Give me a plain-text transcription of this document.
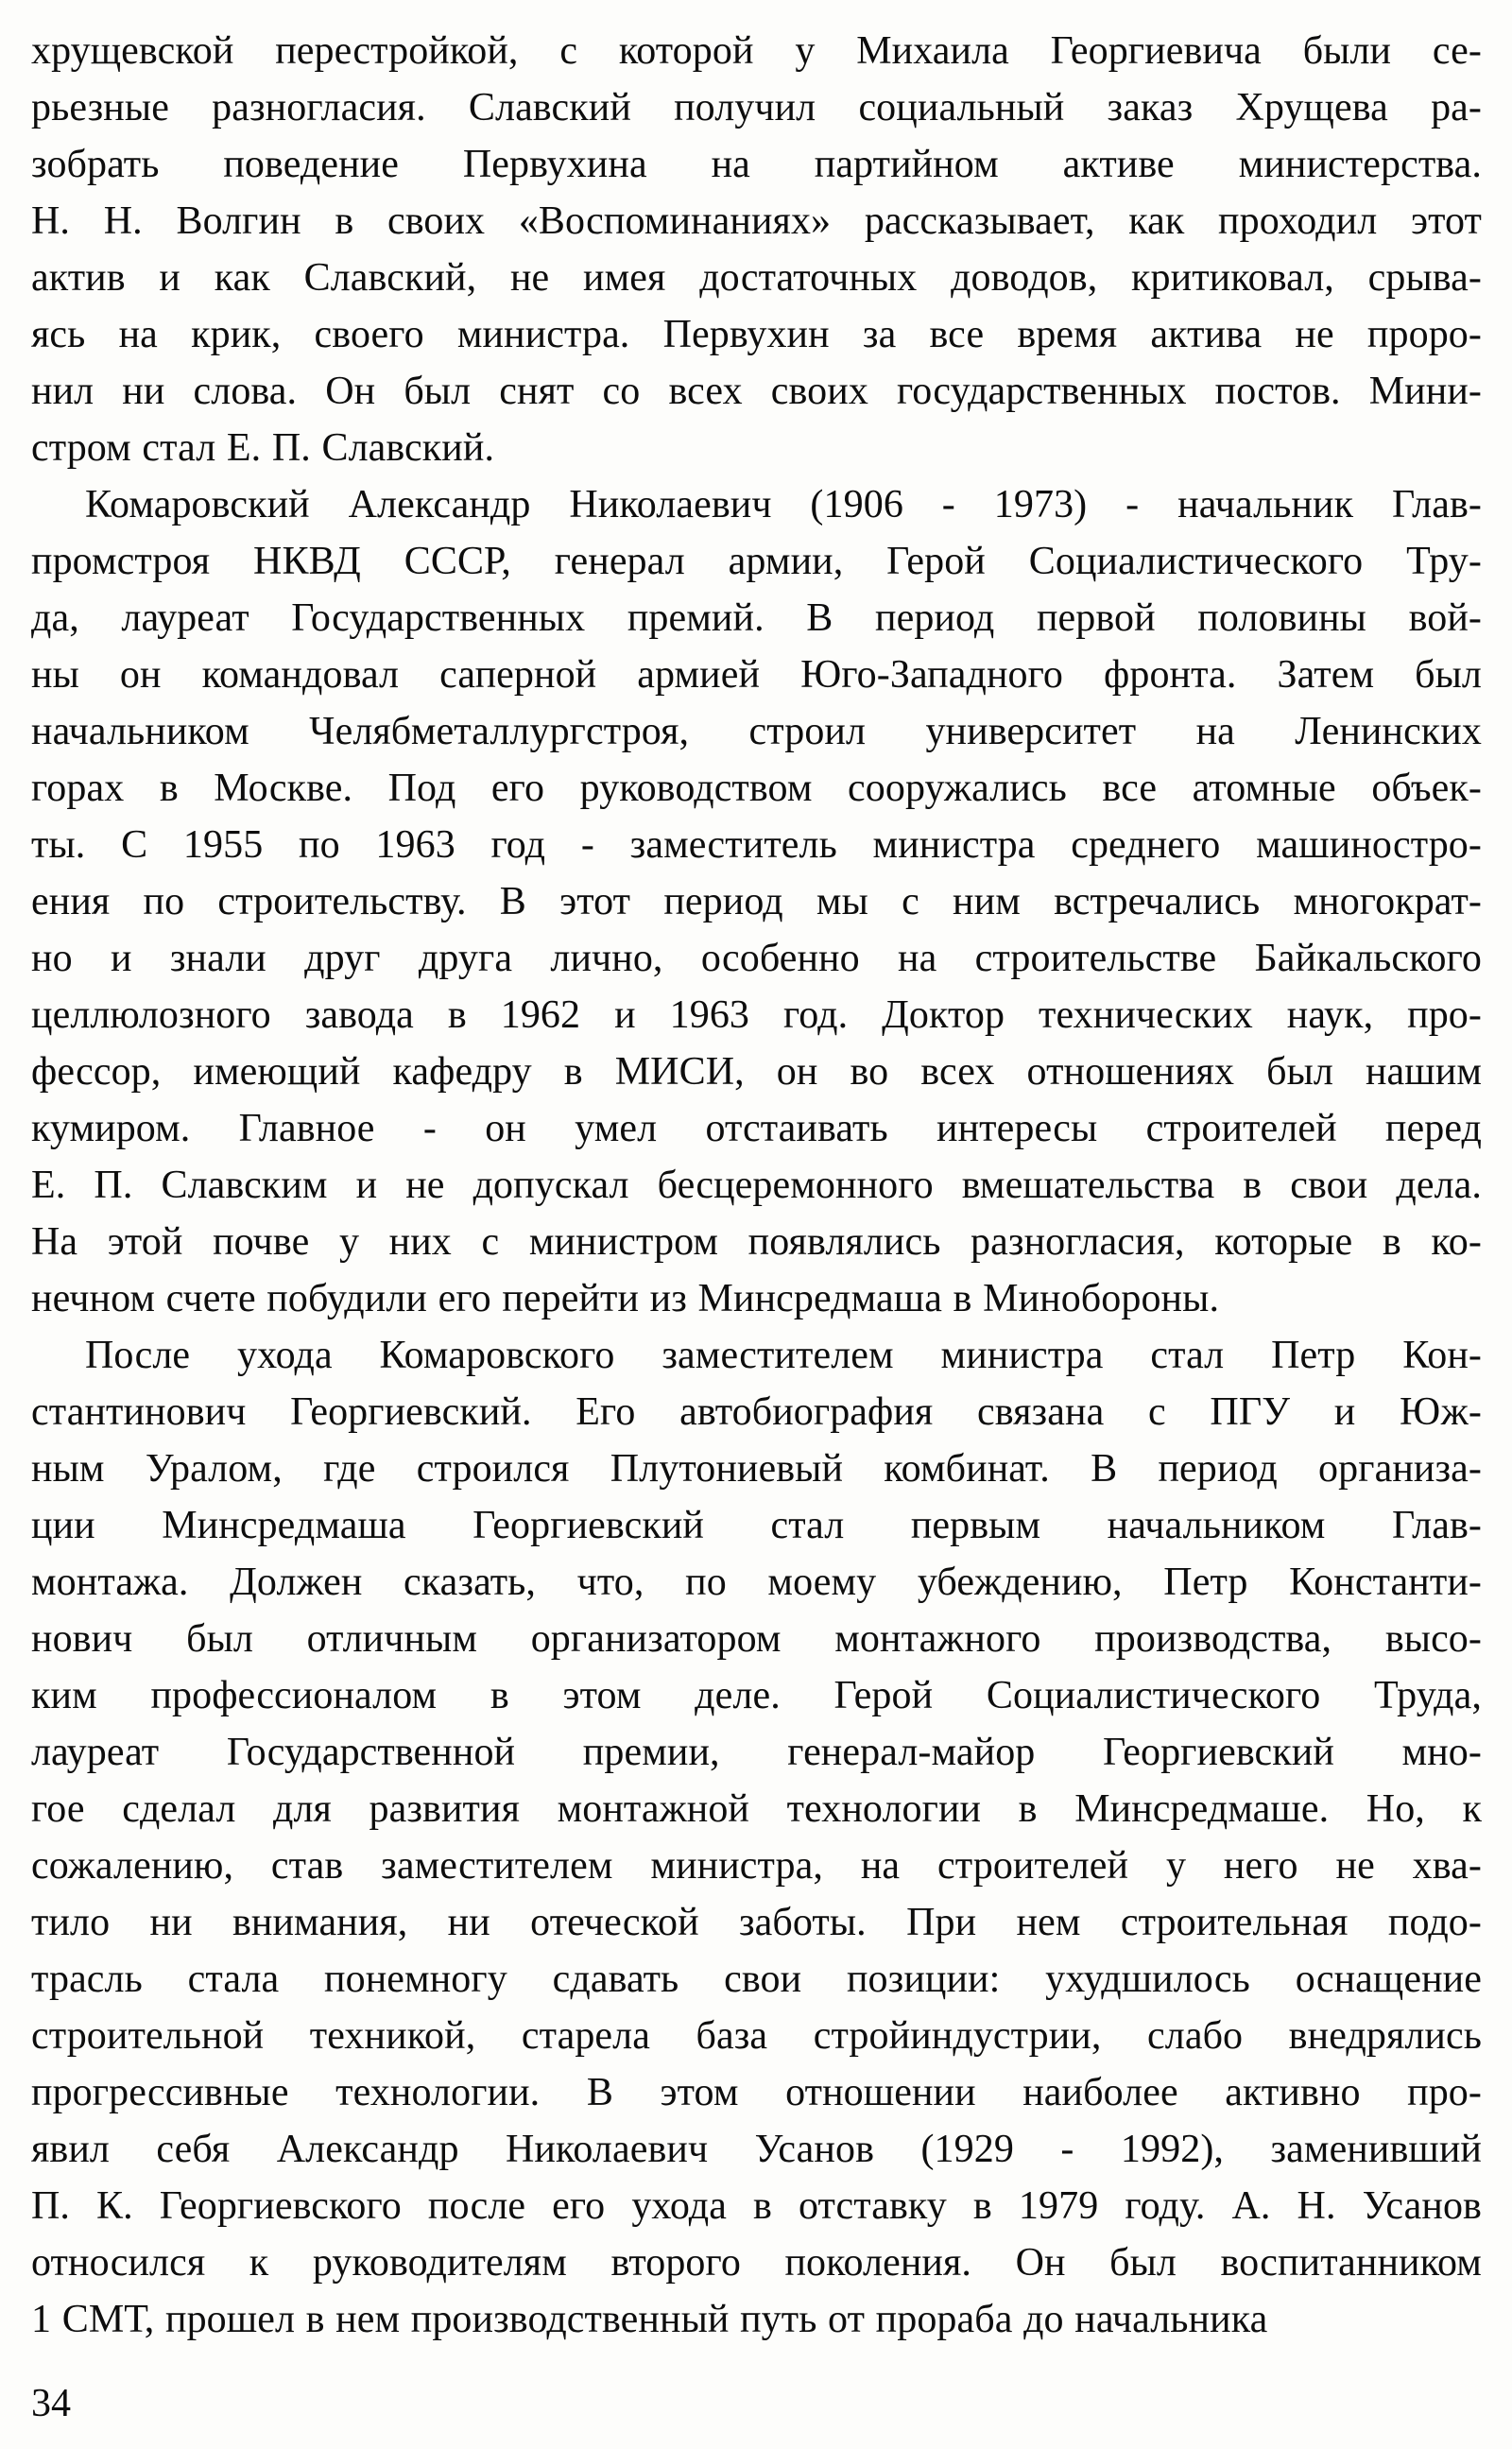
хрущевской перестройкой, с которой у Михаила Георгиевича были се-
рьезные разногласия. Славский получил социальный заказ Хрущева ра-
зобрать поведение Первухина на партийном активе министерства.
Н. Н. Волгин в своих «Воспоминаниях» рассказывает, как проходил этот
актив и как Славский, не имея достаточных доводов, критиковал, срыва-
ясь на крик, своего министра. Первухин за все время актива не проро-
нил ни слова. Он был снят со всех своих государственных постов. Мини-
стром стал Е. П. Славский.
Комаровский Александр Николаевич (1906 - 1973) - начальник Глав-
промстроя НКВД СССР, генерал армии, Герой Социалистического Тру-
да, лауреат Государственных премий. В период первой половины вой-
ны он командовал саперной армией Юго-Западного фронта. Затем был
начальником Челябметаллургстроя, строил университет на Ленинских
горах в Москве. Под его руководством сооружались все атомные объек-
ты. С 1955 по 1963 год - заместитель министра среднего машиностро-
ения по строительству. В этот период мы с ним встречались многократ-
но и знали друг друга лично, особенно на строительстве Байкальского
целлюлозного завода в 1962 и 1963 год. Доктор технических наук, про-
фессор, имеющий кафедру в МИСИ, он во всех отношениях был нашим
кумиром. Главное - он умел отстаивать интересы строителей перед
Е. П. Славским и не допускал бесцеремонного вмешательства в свои дела.
На этой почве у них с министром появлялись разногласия, которые в ко-
нечном счете побудили его перейти из Минсредмаша в Минобороны.
После ухода Комаровского заместителем министра стал Петр Кон-
стантинович Георгиевский. Его автобиография связана с ПГУ и Юж-
ным Уралом, где строился Плутониевый комбинат. В период организа-
ции Минсредмаша Георгиевский стал первым начальником Глав-
монтажа. Должен сказать, что, по моему убеждению, Петр Константи-
нович был отличным организатором монтажного производства, высо-
ким профессионалом в этом деле. Герой Социалистического Труда,
лауреат Государственной премии, генерал-майор Георгиевский мно-
гое сделал для развития монтажной технологии в Минсредмаше. Но, к
сожалению, став заместителем министра, на строителей у него не хва-
тило ни внимания, ни отеческой заботы. При нем строительная подо-
трасль стала понемногу сдавать свои позиции: ухудшилось оснащение
строительной техникой, старела база стройиндустрии, слабо внедрялись
прогрессивные технологии. В этом отношении наиболее активно про-
явил себя Александр Николаевич Усанов (1929 - 1992), заменивший
П. К. Георгиевского после его ухода в отставку в 1979 году. А. Н. Усанов
относился к руководителям второго поколения. Он был воспитанником
1 СМТ, прошел в нем производственный путь от прораба до начальника
34
